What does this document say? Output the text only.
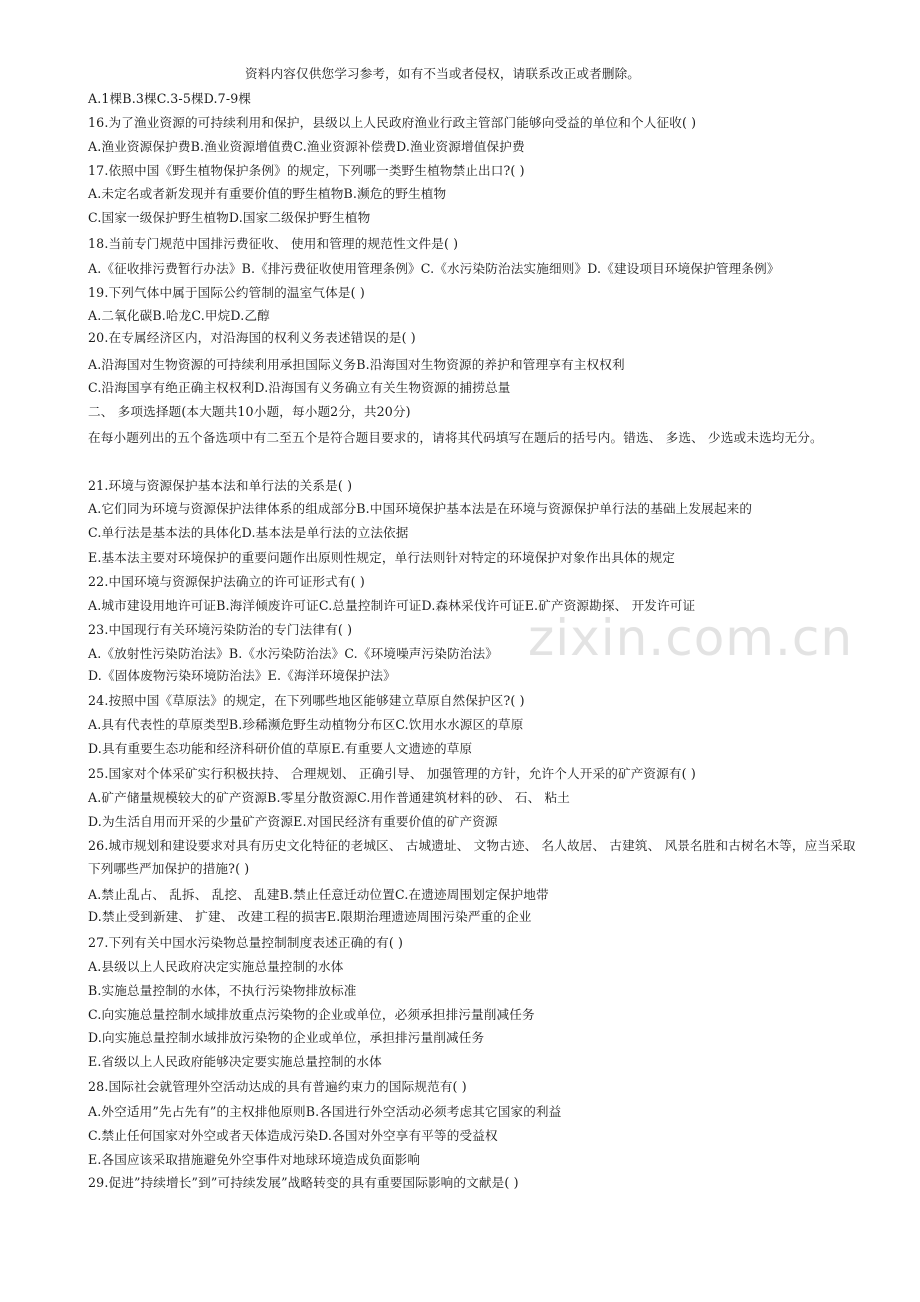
zixin.com.cn
资料内容仅供您学习参考，如有不当或者侵权，请联系改正或者删除。
A.1棵B.3棵C.3-5棵D.7-9棵
16.为了渔业资源的可持续利用和保护，县级以上人民政府渔业行政主管部门能够向受益的单位和个人征收( )
A.渔业资源保护费B.渔业资源增值费C.渔业资源补偿费D.渔业资源增值保护费
17.依照中国《野生植物保护条例》的规定，下列哪一类野生植物禁止出口?( )
A.未定名或者新发现并有重要价值的野生植物B.濒危的野生植物
C.国家一级保护野生植物D.国家二级保护野生植物
18.当前专门规范中国排污费征收、 使用和管理的规范性文件是( )
A.《征收排污费暂行办法》B.《排污费征收使用管理条例》C.《水污染防治法实施细则》D.《建设项目环境保护管理条例》
19.下列气体中属于国际公约管制的温室气体是( )
A.二氧化碳B.哈龙C.甲烷D.乙醇
20.在专属经济区内，对沿海国的权利义务表述错误的是( )
A.沿海国对生物资源的可持续利用承担国际义务B.沿海国对生物资源的养护和管理享有主权权利
C.沿海国享有绝正确主权权利D.沿海国有义务确立有关生物资源的捕捞总量
二、 多项选择题(本大题共10小题，每小题2分，共20分)
在每小题列出的五个备选项中有二至五个是符合题目要求的，请将其代码填写在题后的括号内。错选、 多选、 少选或未选均无分。
21.环境与资源保护基本法和单行法的关系是( )
A.它们同为环境与资源保护法律体系的组成部分B.中国环境保护基本法是在环境与资源保护单行法的基础上发展起来的
C.单行法是基本法的具体化D.基本法是单行法的立法依据
E.基本法主要对环境保护的重要问题作出原则性规定，单行法则针对特定的环境保护对象作出具体的规定
22.中国环境与资源保护法确立的许可证形式有( )
A.城市建设用地许可证B.海洋倾废许可证C.总量控制许可证D.森林采伐许可证E.矿产资源勘探、 开发许可证
23.中国现行有关环境污染防治的专门法律有( )
A.《放射性污染防治法》B.《水污染防治法》C.《环境噪声污染防治法》
D.《固体废物污染环境防治法》E.《海洋环境保护法》
24.按照中国《草原法》的规定，在下列哪些地区能够建立草原自然保护区?( )
A.具有代表性的草原类型B.珍稀濒危野生动植物分布区C.饮用水水源区的草原
D.具有重要生态功能和经济科研价值的草原E.有重要人文遗迹的草原
25.国家对个体采矿实行积极扶持、 合理规划、 正确引导、 加强管理的方针，允许个人开采的矿产资源有( )
A.矿产储量规模较大的矿产资源B.零星分散资源C.用作普通建筑材料的砂、 石、 粘土
D.为生活自用而开采的少量矿产资源E.对国民经济有重要价值的矿产资源
26.城市规划和建设要求对具有历史文化特征的老城区、 古城遗址、 文物古迹、 名人故居、 古建筑、 风景名胜和古树名木等，应当采取下列哪些严加保护的措施?( )
A.禁止乱占、 乱拆、 乱挖、 乱建B.禁止任意迁动位置C.在遗迹周围划定保护地带
D.禁止受到新建、 扩建、 改建工程的损害E.限期治理遗迹周围污染严重的企业
27.下列有关中国水污染物总量控制制度表述正确的有( )
A.县级以上人民政府决定实施总量控制的水体
B.实施总量控制的水体，不执行污染物排放标准
C.向实施总量控制水域排放重点污染物的企业或单位，必须承担排污量削减任务
D.向实施总量控制水域排放污染物的企业或单位，承担排污量削减任务
E.省级以上人民政府能够决定要实施总量控制的水体
28.国际社会就管理外空活动达成的具有普遍约束力的国际规范有( )
A.外空适用”先占先有”的主权排他原则B.各国进行外空活动必须考虑其它国家的利益
C.禁止任何国家对外空或者天体造成污染D.各国对外空享有平等的受益权
E.各国应该采取措施避免外空事件对地球环境造成负面影响
29.促进”持续增长”到”可持续发展”战略转变的具有重要国际影响的文献是( )
